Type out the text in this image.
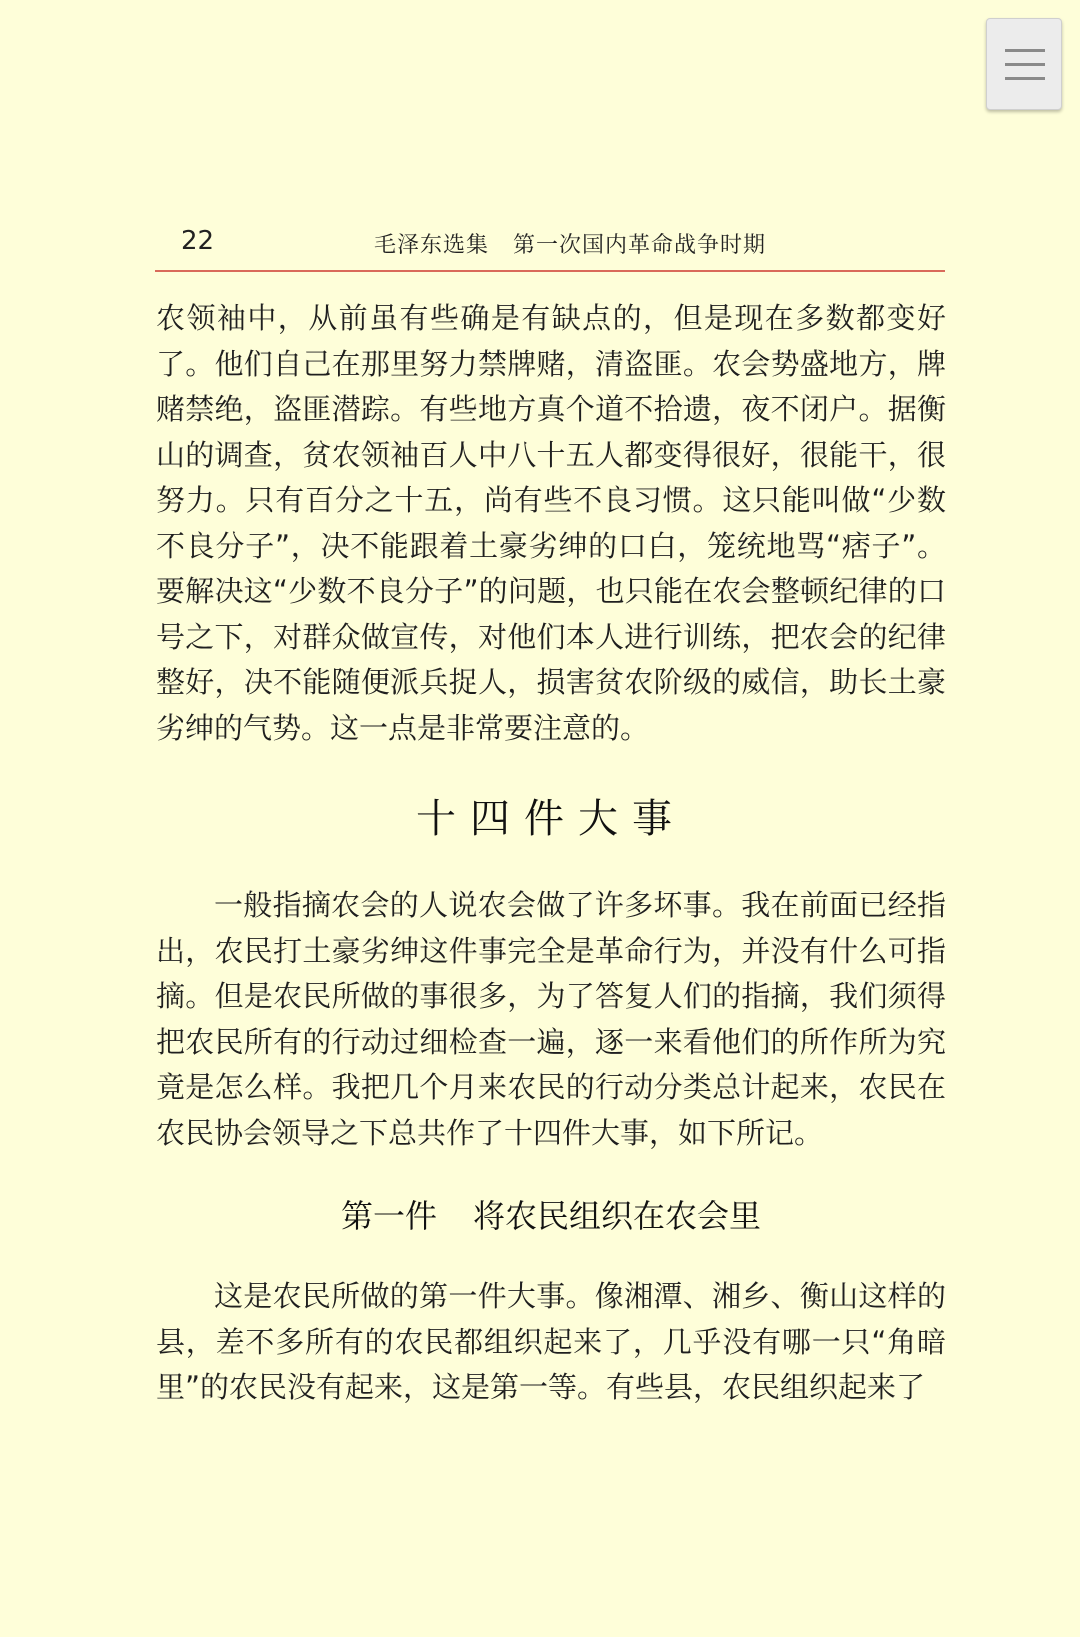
22	毛泽东选集 第一次国内革命战争时期

农领袖中，从前虽有些确是有缺点的，但是现在多数都变好了。他们自己在那里努力禁牌赌，清盗匪。农会势盛地方，牌赌禁绝，盗匪潜踪。有些地方真个道不拾遗，夜不闭户。据衡山的调查，贫农领袖百人中八十五人都变得很好，很能干，很努力。只有百分之十五，尚有些不良习惯。这只能叫做“少数不良分子”，决不能跟着土豪劣绅的口白，笼统地骂“痞子”。要解决这“少数不良分子”的问题，也只能在农会整顿纪律的口号之下，对群众做宣传，对他们本人进行训练，把农会的纪律整好，决不能随便派兵捉人，损害贫农阶级的威信，助长土豪劣绅的气势。这一点是非常要注意的。

十四件大事

一般指摘农会的人说农会做了许多坏事。我在前面已经指出，农民打土豪劣绅这件事完全是革命行为，并没有什么可指摘。但是农民所做的事很多，为了答复人们的指摘，我们须得把农民所有的行动过细检查一遍，逐一来看他们的所作所为究竟是怎么样。我把几个月来农民的行动分类总计起来，农民在农民协会领导之下总共作了十四件大事，如下所记。

第一件 将农民组织在农会里

这是农民所做的第一件大事。像湘潭、湘乡、衡山这样的县，差不多所有的农民都组织起来了，几乎没有哪一只“角暗里”的农民没有起来，这是第一等。有些县，农民组织起来了
